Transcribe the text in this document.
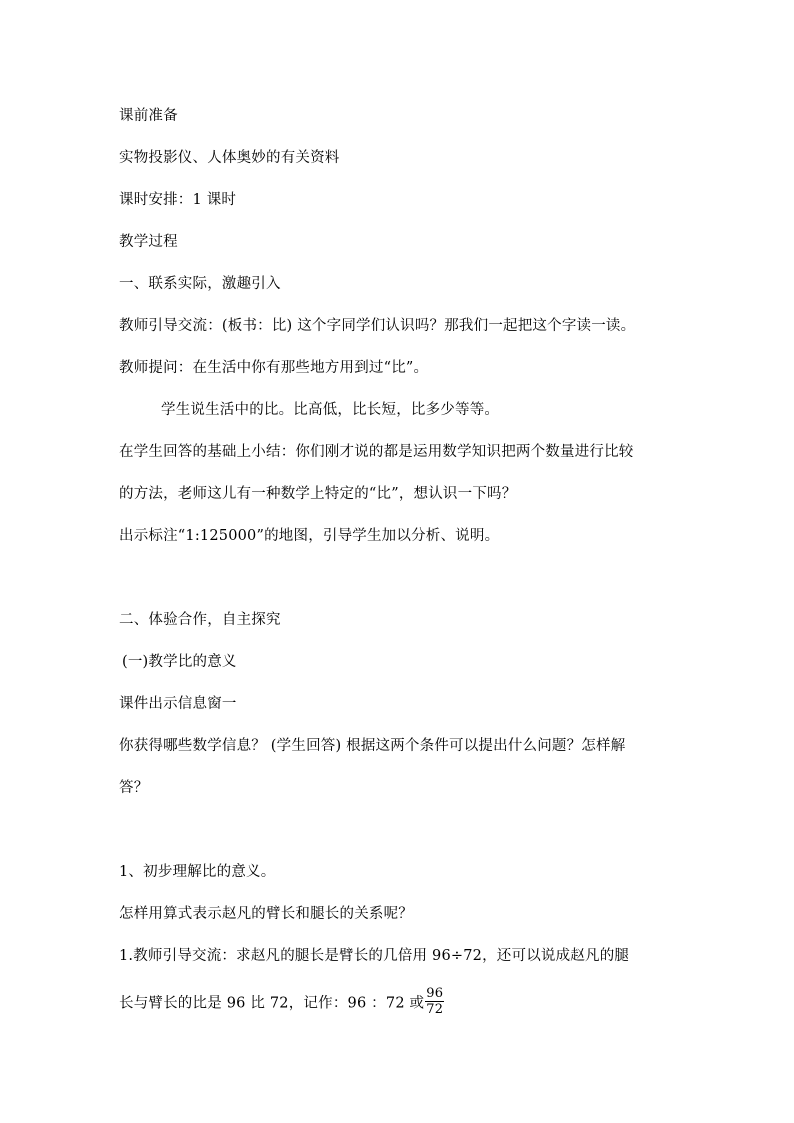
课前准备
实物投影仪、人体奥妙的有关资料
课时安排：1 课时
教学过程
一、联系实际，激趣引入
教师引导交流：(板书：比) 这个字同学们认识吗？那我们一起把这个字读一读。
教师提问：在生活中你有那些地方用到过“比”。
学生说生活中的比。比高低，比长短，比多少等等。
在学生回答的基础上小结：你们刚才说的都是运用数学知识把两个数量进行比较
的方法，老师这儿有一种数学上特定的“比”，想认识一下吗？
出示标注“1:125000”的地图，引导学生加以分析、说明。
二、体验合作，自主探究
(一)教学比的意义
课件出示信息窗一
你获得哪些数学信息？ (学生回答) 根据这两个条件可以提出什么问题？怎样解
答？
1、初步理解比的意义。
怎样用算式表示赵凡的臂长和腿长的关系呢？
1.教师引导交流：求赵凡的腿长是臂长的几倍用 96÷72，还可以说成赵凡的腿
长与臂长的比是 96 比 72，记作：96 ：72 或 $\frac{96}{72}$
